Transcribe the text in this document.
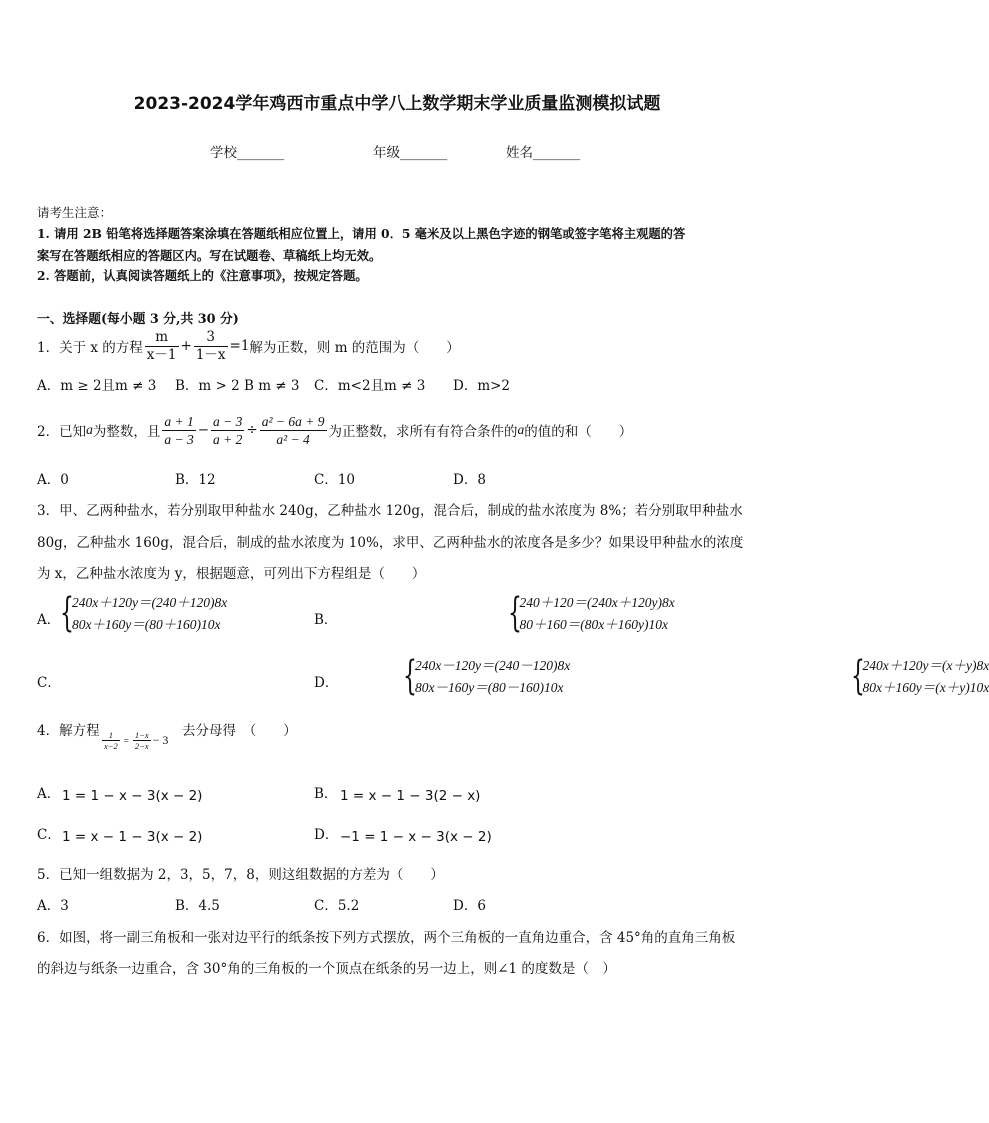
2023-2024学年鸡西市重点中学八上数学期末学业质量监测模拟试题
学校_______	年级_______	姓名_______
请考生注意：
1. 请用 2B 铅笔将选择题答案涂填在答题纸相应位置上，请用 0．5 毫米及以上黑色字迹的钢笔或签字笔将主观题的答
案写在答题纸相应的答题区内。写在试题卷、草稿纸上均无效。
2. 答题前，认真阅读答题纸上的《注意事项》，按规定答题。
一、选择题(每小题 3 分,共 30 分)
1．关于 x 的方程 $\frac{m}{x-1} + \frac{3}{1-x} =1$ 解为正数，则 m 的范围为（　　）
A．m ≥ 2且m ≠ 3 B．m > 2 B m ≠ 3 C．m<2且m ≠ 3 D．m>2
2．已知 a 为整数，且 $\frac{a + 1}{a - 3} - \frac{a - 3}{a + 2} \div \frac{\text{a² − 6a + 9}}{\text{a² − 4}}$ 为正整数，求所有有符合条件的 a 的值的和（　　）
A．0	B．12	C．10	D．8
3．甲、乙两种盐水，若分别取甲种盐水 240g，乙种盐水 120g，混合后，制成的盐水浓度为 8%；若分别取甲种盐水
80g，乙种盐水 160g，混合后，制成的盐水浓度为 10%，求甲、乙两种盐水的浓度各是多少？如果设甲种盐水的浓度
为 x，乙种盐水浓度为 y，根据题意，可列出下方程组是（　　）
A． {
240x＋120y＝(240＋120)8x
80x＋160y＝(80＋160)10x
	B．	{
240＋120＝(240x＋120y)8x
80＋160＝(80x＋160y)10x

C．	{
240x－120y＝(240－120)8x
80x－160y＝(80－160)10x

D．	{
240x＋120y＝(x＋y)8x
80x＋160y＝(x＋y)10x
4．解方程 $\frac{1}{x-2} = \frac{1-x}{2-x} - 3$
去分母得　（　　）
A． 1 = 1 − x − 3(x − 2)	B． 1 = x − 1 − 3(2 − x)
C． 1 = x − 1 − 3(x − 2)	D． −1 = 1 − x − 3(x − 2)
5．已知一组数据为 2，3，5，7，8，则这组数据的方差为（　　）
A．3	B．4.5	C．5.2	D．6
6．如图，将一副三角板和一张对边平行的纸条按下列方式摆放，两个三角板的一直角边重合，含 45°角的直角三角板
的斜边与纸条一边重合，含 30°角的三角板的一个顶点在纸条的另一边上，则∠1 的度数是（　）
